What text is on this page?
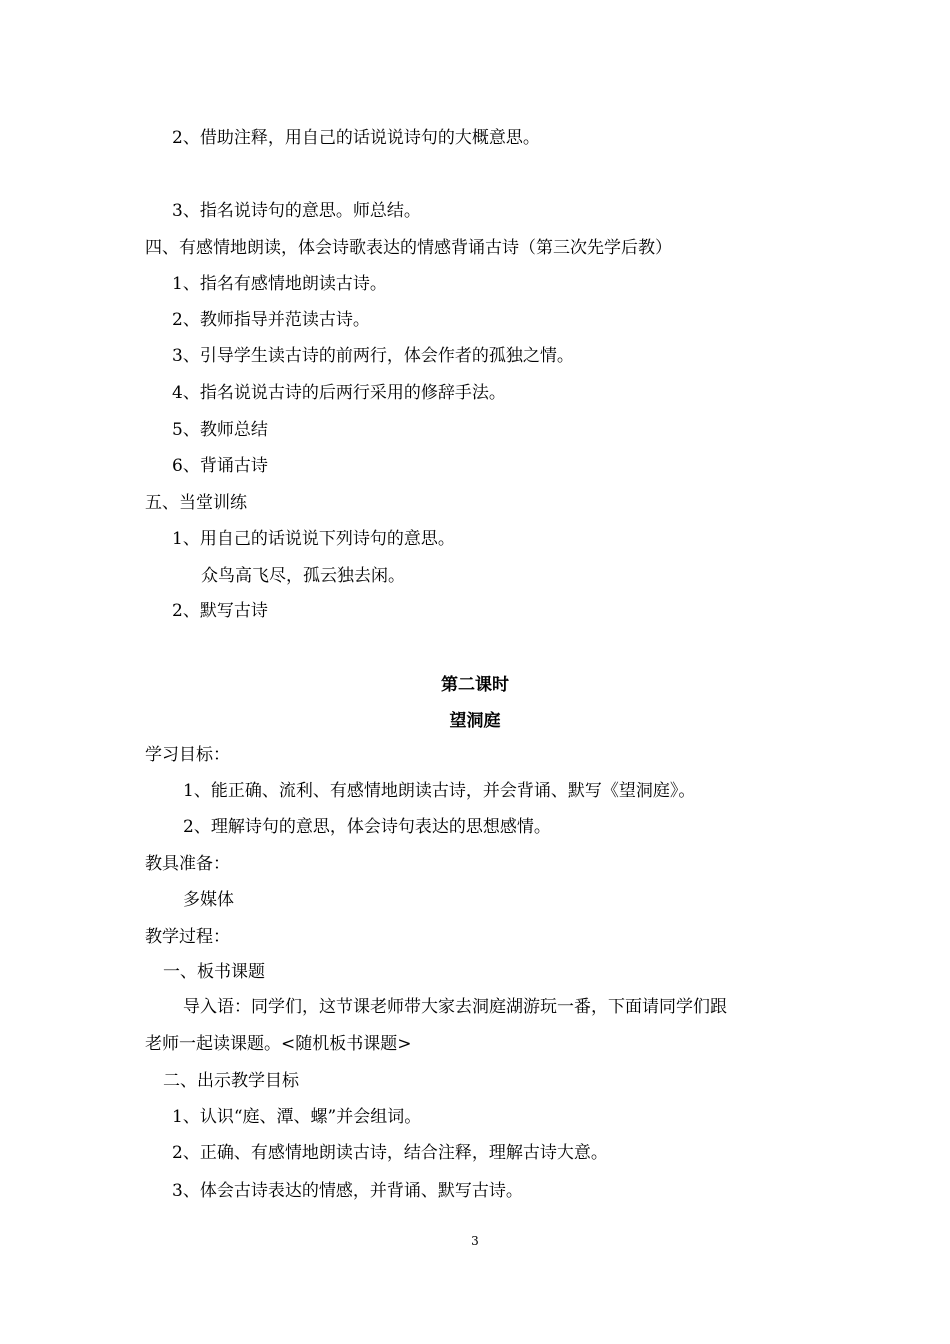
2、借助注释，用自己的话说说诗句的大概意思。
3、指名说诗句的意思。师总结。
四、有感情地朗读，体会诗歌表达的情感背诵古诗（第三次先学后教）
1、指名有感情地朗读古诗。
2、教师指导并范读古诗。
3、引导学生读古诗的前两行，体会作者的孤独之情。
4、指名说说古诗的后两行采用的修辞手法。
5、教师总结
6、背诵古诗
五、当堂训练
1、用自己的话说说下列诗句的意思。
众鸟高飞尽，孤云独去闲。
2、默写古诗
第二课时
望洞庭
学习目标：
1、能正确、流利、有感情地朗读古诗，并会背诵、默写《望洞庭》。
2、理解诗句的意思，体会诗句表达的思想感情。
教具准备：
多媒体
教学过程：
一、板书课题
导入语：同学们，这节课老师带大家去洞庭湖游玩一番，下面请同学们跟
老师一起读课题。<随机板书课题>
二、出示教学目标
1、认识“庭、潭、螺”并会组词。
2、正确、有感情地朗读古诗，结合注释，理解古诗大意。
3、体会古诗表达的情感，并背诵、默写古诗。
3
